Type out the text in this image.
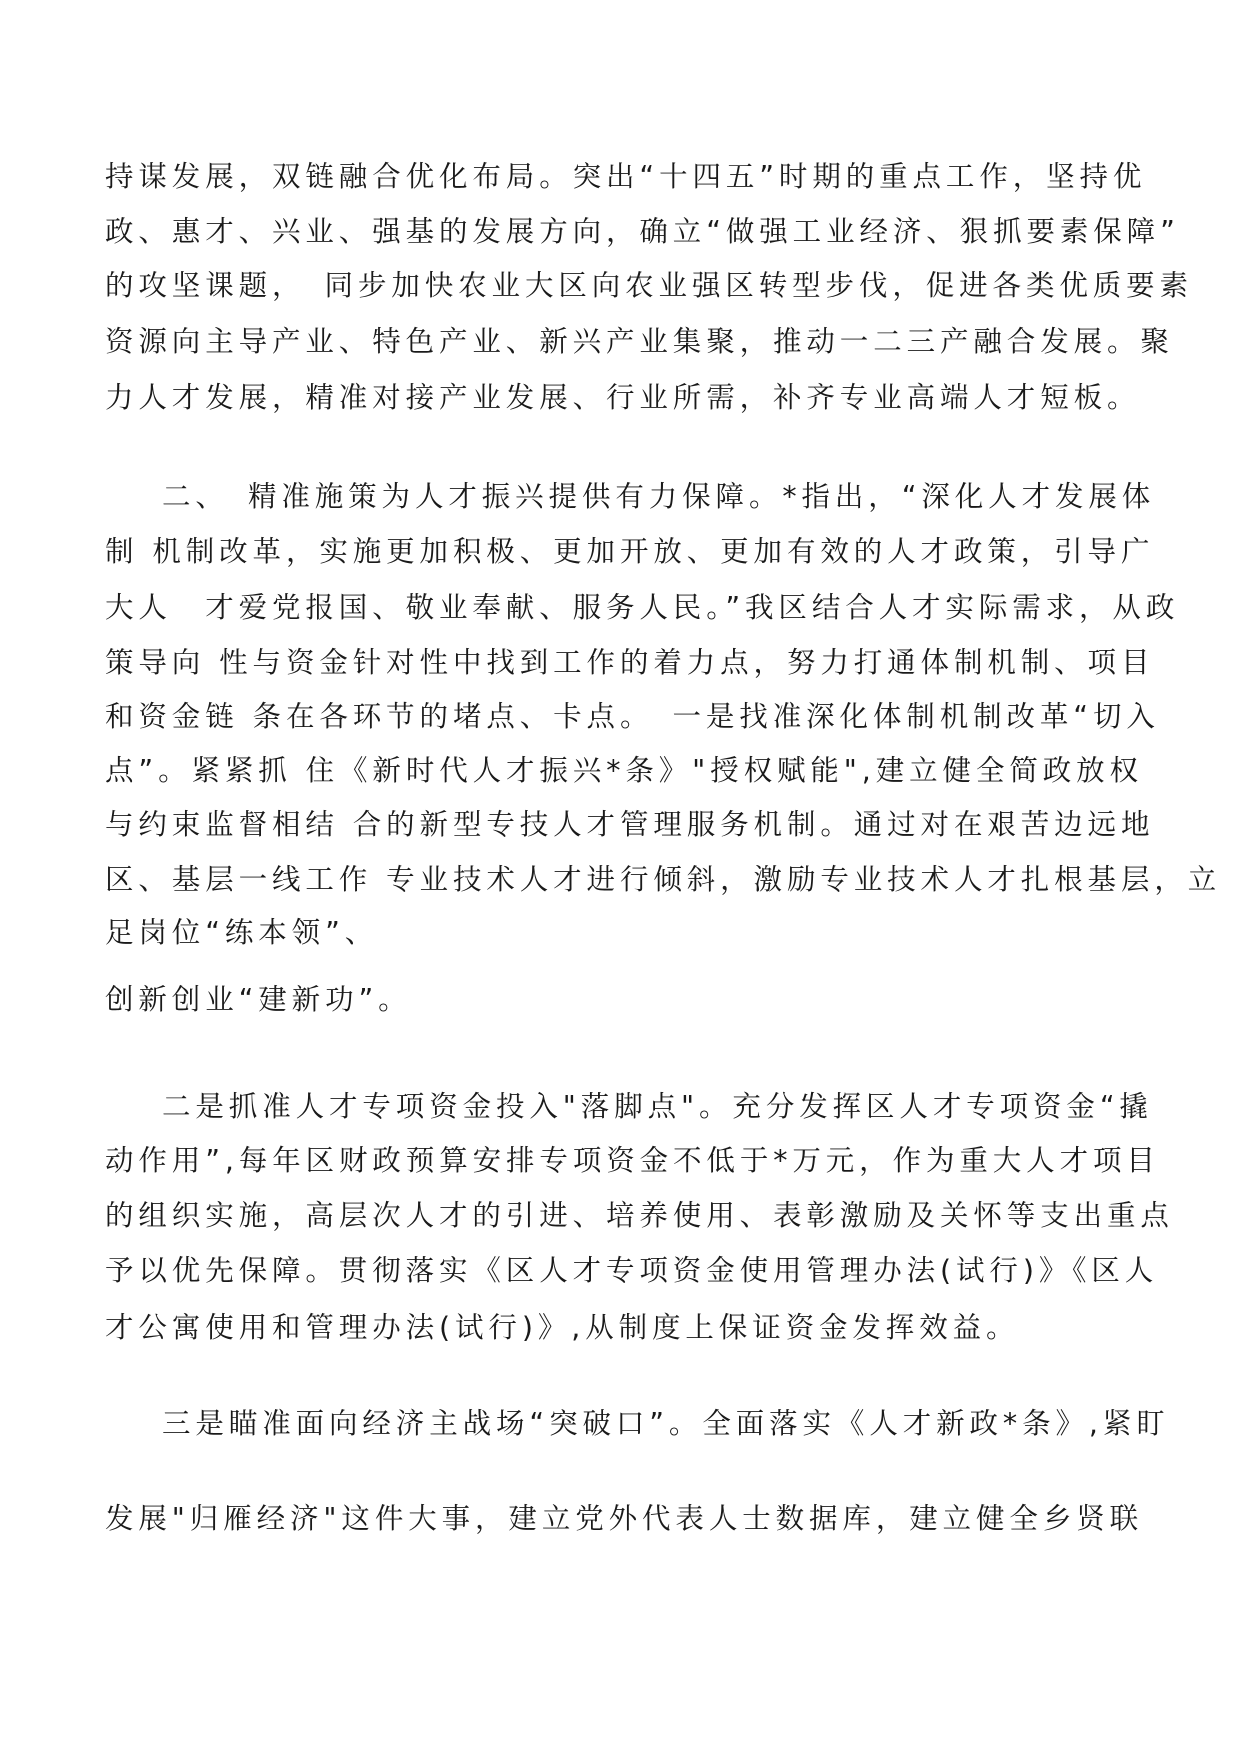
持谋发展，双链融合优化布局。突出“十四五”时期的重点工作，坚持优

政、惠才、兴业、强基的发展方向，确立“做强工业经济、狠抓要素保障”

的攻坚课题，　同步加快农业大区向农业强区转型步伐，促进各类优质要素

资源向主导产业、特色产业、新兴产业集聚，推动一二三产融合发展。聚

力人才发展，精准对接产业发展、行业所需，补齐专业高端人才短板。

二、　精准施策为人才振兴提供有力保障。*指出，“深化人才发展体

制 机制改革，实施更加积极、更加开放、更加有效的人才政策，引导广

大人　才爱党报国、敬业奉献、服务人民。”我区结合人才实际需求，从政

策导向 性与资金针对性中找到工作的着力点，努力打通体制机制、项目

和资金链 条在各环节的堵点、卡点。　一是找准深化体制机制改革“切入

点”。紧紧抓 住《新时代人才振兴*条》"授权赋能",建立健全简政放权

与约束监督相结 合的新型专技人才管理服务机制。通过对在艰苦边远地

区、基层一线工作 专业技术人才进行倾斜，激励专业技术人才扎根基层，立

足岗位“练本领”、

创新创业“建新功”。

二是抓准人才专项资金投入"落脚点"。充分发挥区人才专项资金“撬

动作用”,每年区财政预算安排专项资金不低于*万元，作为重大人才项目

的组织实施，高层次人才的引进、培养使用、表彰激励及关怀等支出重点

予以优先保障。贯彻落实《区人才专项资金使用管理办法(试行)》《区人

才公寓使用和管理办法(试行)》,从制度上保证资金发挥效益。

三是瞄准面向经济主战场“突破口”。全面落实《人才新政*条》,紧盯

发展"归雁经济"这件大事，建立党外代表人士数据库，建立健全乡贤联
